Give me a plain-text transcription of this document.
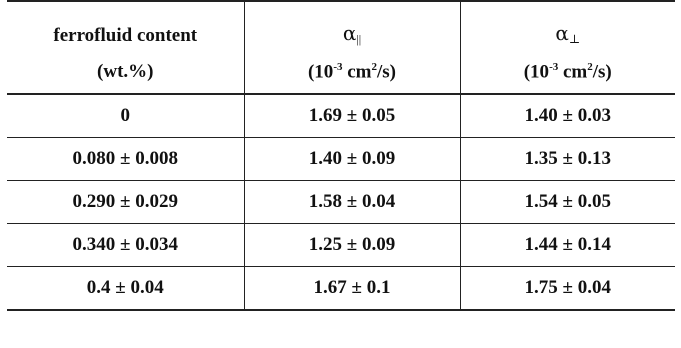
ferrofluid content	$\alpha_{||}$	$\alpha_\perp$
(wt.%)	($10^{-3}$ $cm^2/s$)	($10^{-3}$ $cm^2/s$)
0	1.69 ± 0.05	1.40 ± 0.03
0.080 ± 0.008	1.40 ± 0.09	1.35 ± 0.13
0.290 ± 0.029	1.58 ± 0.04	1.54 ± 0.05
0.340 ± 0.034	1.25 ± 0.09	1.44 ± 0.14
0.4 ± 0.04	1.67 ± 0.1	1.75 ± 0.04
